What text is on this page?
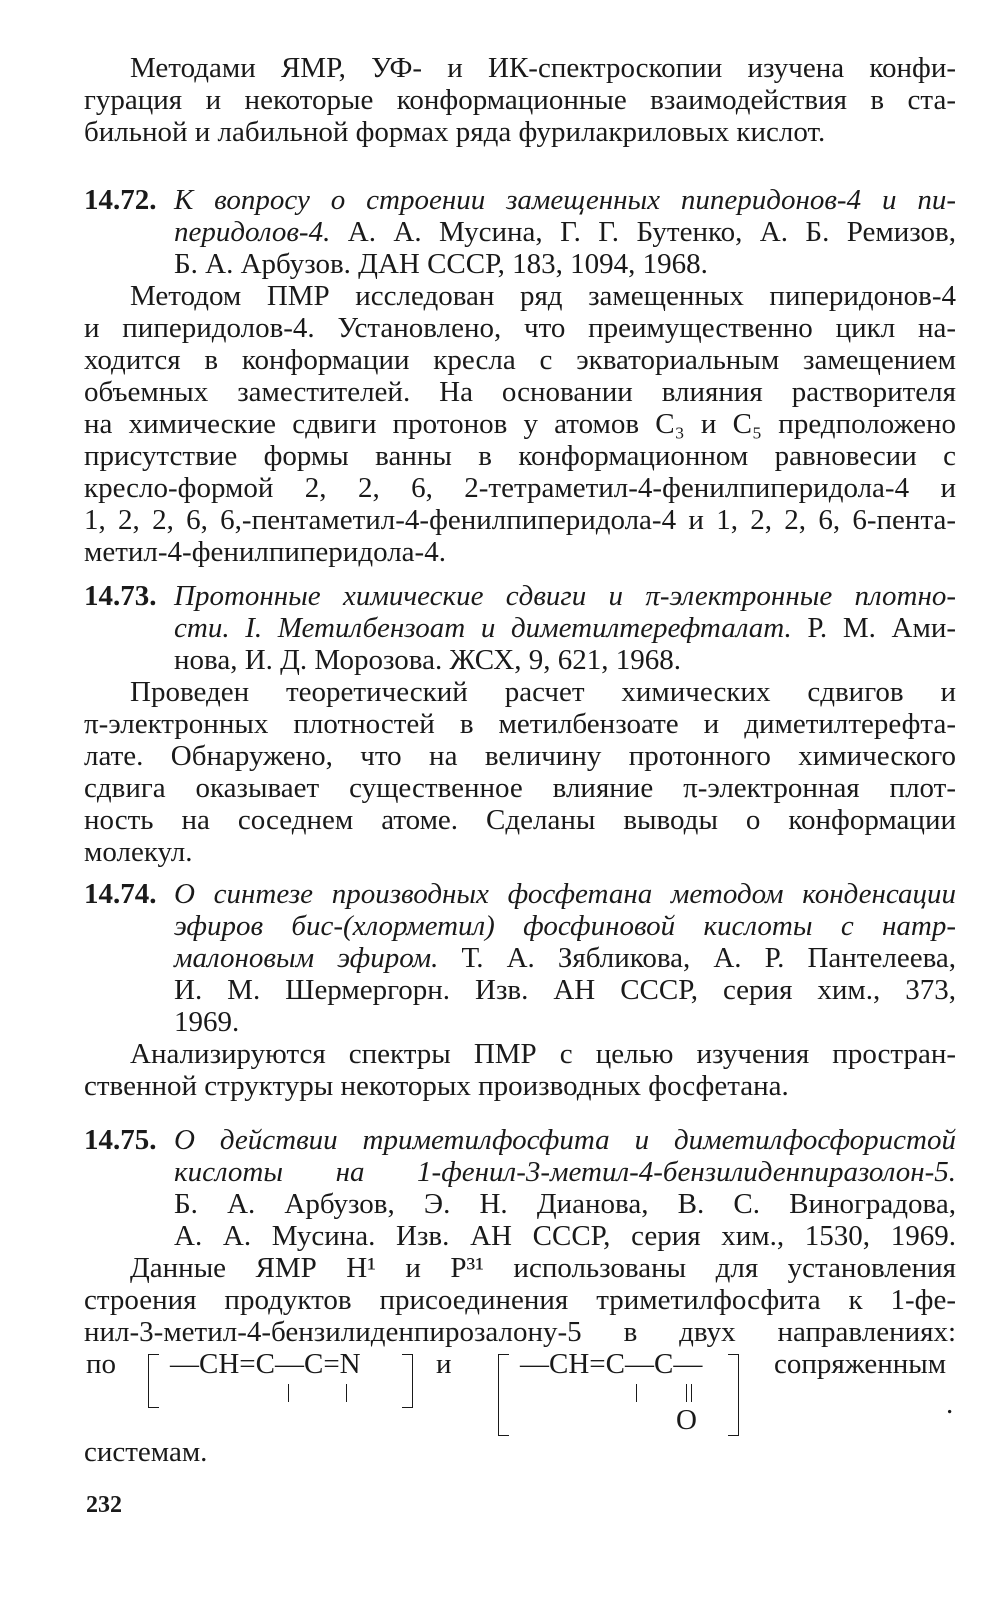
Методами ЯМР, УФ- и ИК-спектроскопии изучена конфи-
гурация и некоторые конформационные взаимодействия в ста-
бильной и лабильной формах ряда фурилакриловых кислот.
14.72. К вопросу о строении замещенных пиперидонов-4 и пи-
перидолов-4. А. А. Мусина, Г. Г. Бутенко, А. Б. Ремизов,
Б. А. Арбузов. ДАН СССР, 183, 1094, 1968.
Методом ПМР исследован ряд замещенных пиперидонов-4
и пиперидолов-4. Установлено, что преимущественно цикл на-
ходится в конформации кресла с экваториальным замещением
объемных заместителей. На основании влияния растворителя
на химические сдвиги протонов у атомов С₃ и С₅ предположено
присутствие формы ванны в конформационном равновесии с
кресло-формой 2, 2, 6, 2-тетраметил-4-фенилпиперидола-4 и
1, 2, 2, 6, 6,-пентаметил-4-фенилпиперидола-4 и 1, 2, 2, 6, 6-пента-
метил-4-фенилпиперидола-4.
14.73. Протонные химические сдвиги и π-электронные плотно-
сти. I. Метилбензоат и диметилтерефталат. Р. М. Ами-
нова, И. Д. Морозова. ЖСХ, 9, 621, 1968.
Проведен теоретический расчет химических сдвигов и
π-электронных плотностей в метилбензоате и диметилтерефта-
лате. Обнаружено, что на величину протонного химического
сдвига оказывает существенное влияние π-электронная плот-
ность на соседнем атоме. Сделаны выводы о конформации
молекул.
14.74. О синтезе производных фосфетана методом конденсации
эфиров бис-(хлорметил) фосфиновой кислоты с натр-
малоновым эфиром. Т. А. Зябликова, А. Р. Пантелеева,
И. М. Шермергорн. Изв. АН СССР, серия хим., 373,
1969.
Анализируются спектры ПМР с целью изучения простран-
ственной структуры некоторых производных фосфетана.
14.75. О действии триметилфосфита и диметилфосфористой
кислоты на 1-фенил-3-метил-4-бензилиденпиразолон-5.
Б. А. Арбузов, Э. Н. Дианова, В. С. Виноградова,
А. А. Мусина. Изв. АН СССР, серия хим., 1530, 1969.
Данные ЯМР Н¹ и Р³¹ использованы для установления
строения продуктов присоединения триметилфосфита к 1-фе-
нил-3-метил-4-бензилиденпирозалону-5 в двух направлениях:
по —CH=C—C=N	и —CH=C—C—
O
сопряженным
.
системам.
232
